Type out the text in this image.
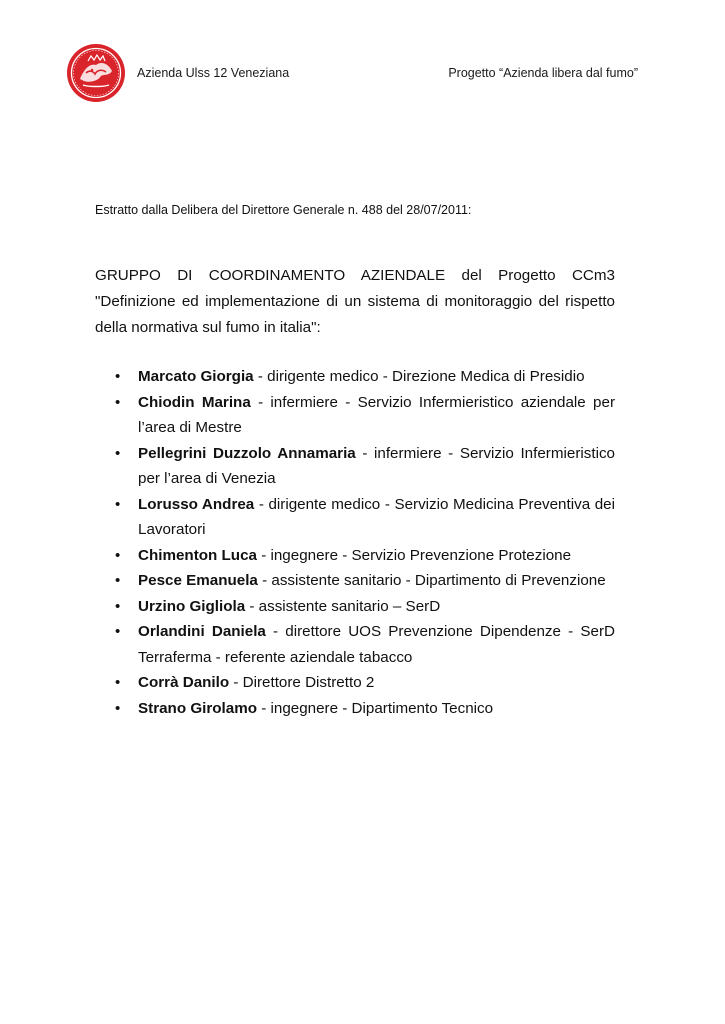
Azienda Ulss 12 Veneziana	Progetto “Azienda libera dal fumo”
Estratto dalla Delibera del Direttore Generale n. 488 del 28/07/2011:
GRUPPO DI COORDINAMENTO AZIENDALE del Progetto CCm3 "Definizione ed implementazione di un sistema di monitoraggio del rispetto della normativa sul fumo in italia":
• Marcato Giorgia - dirigente medico - Direzione Medica di Presidio
• Chiodin Marina - infermiere - Servizio Infermieristico aziendale per l’area di Mestre
• Pellegrini Duzzolo Annamaria - infermiere - Servizio Infermieristico per l’area di Venezia
• Lorusso Andrea - dirigente medico - Servizio Medicina Preventiva dei Lavoratori
• Chimenton Luca - ingegnere - Servizio Prevenzione Protezione
• Pesce Emanuela - assistente sanitario - Dipartimento di Prevenzione
• Urzino Gigliola - assistente sanitario – SerD
• Orlandini Daniela - direttore UOS Prevenzione Dipendenze - SerD Terraferma - referente aziendale tabacco
• Corrà Danilo - Direttore Distretto 2
• Strano Girolamo - ingegnere - Dipartimento Tecnico
